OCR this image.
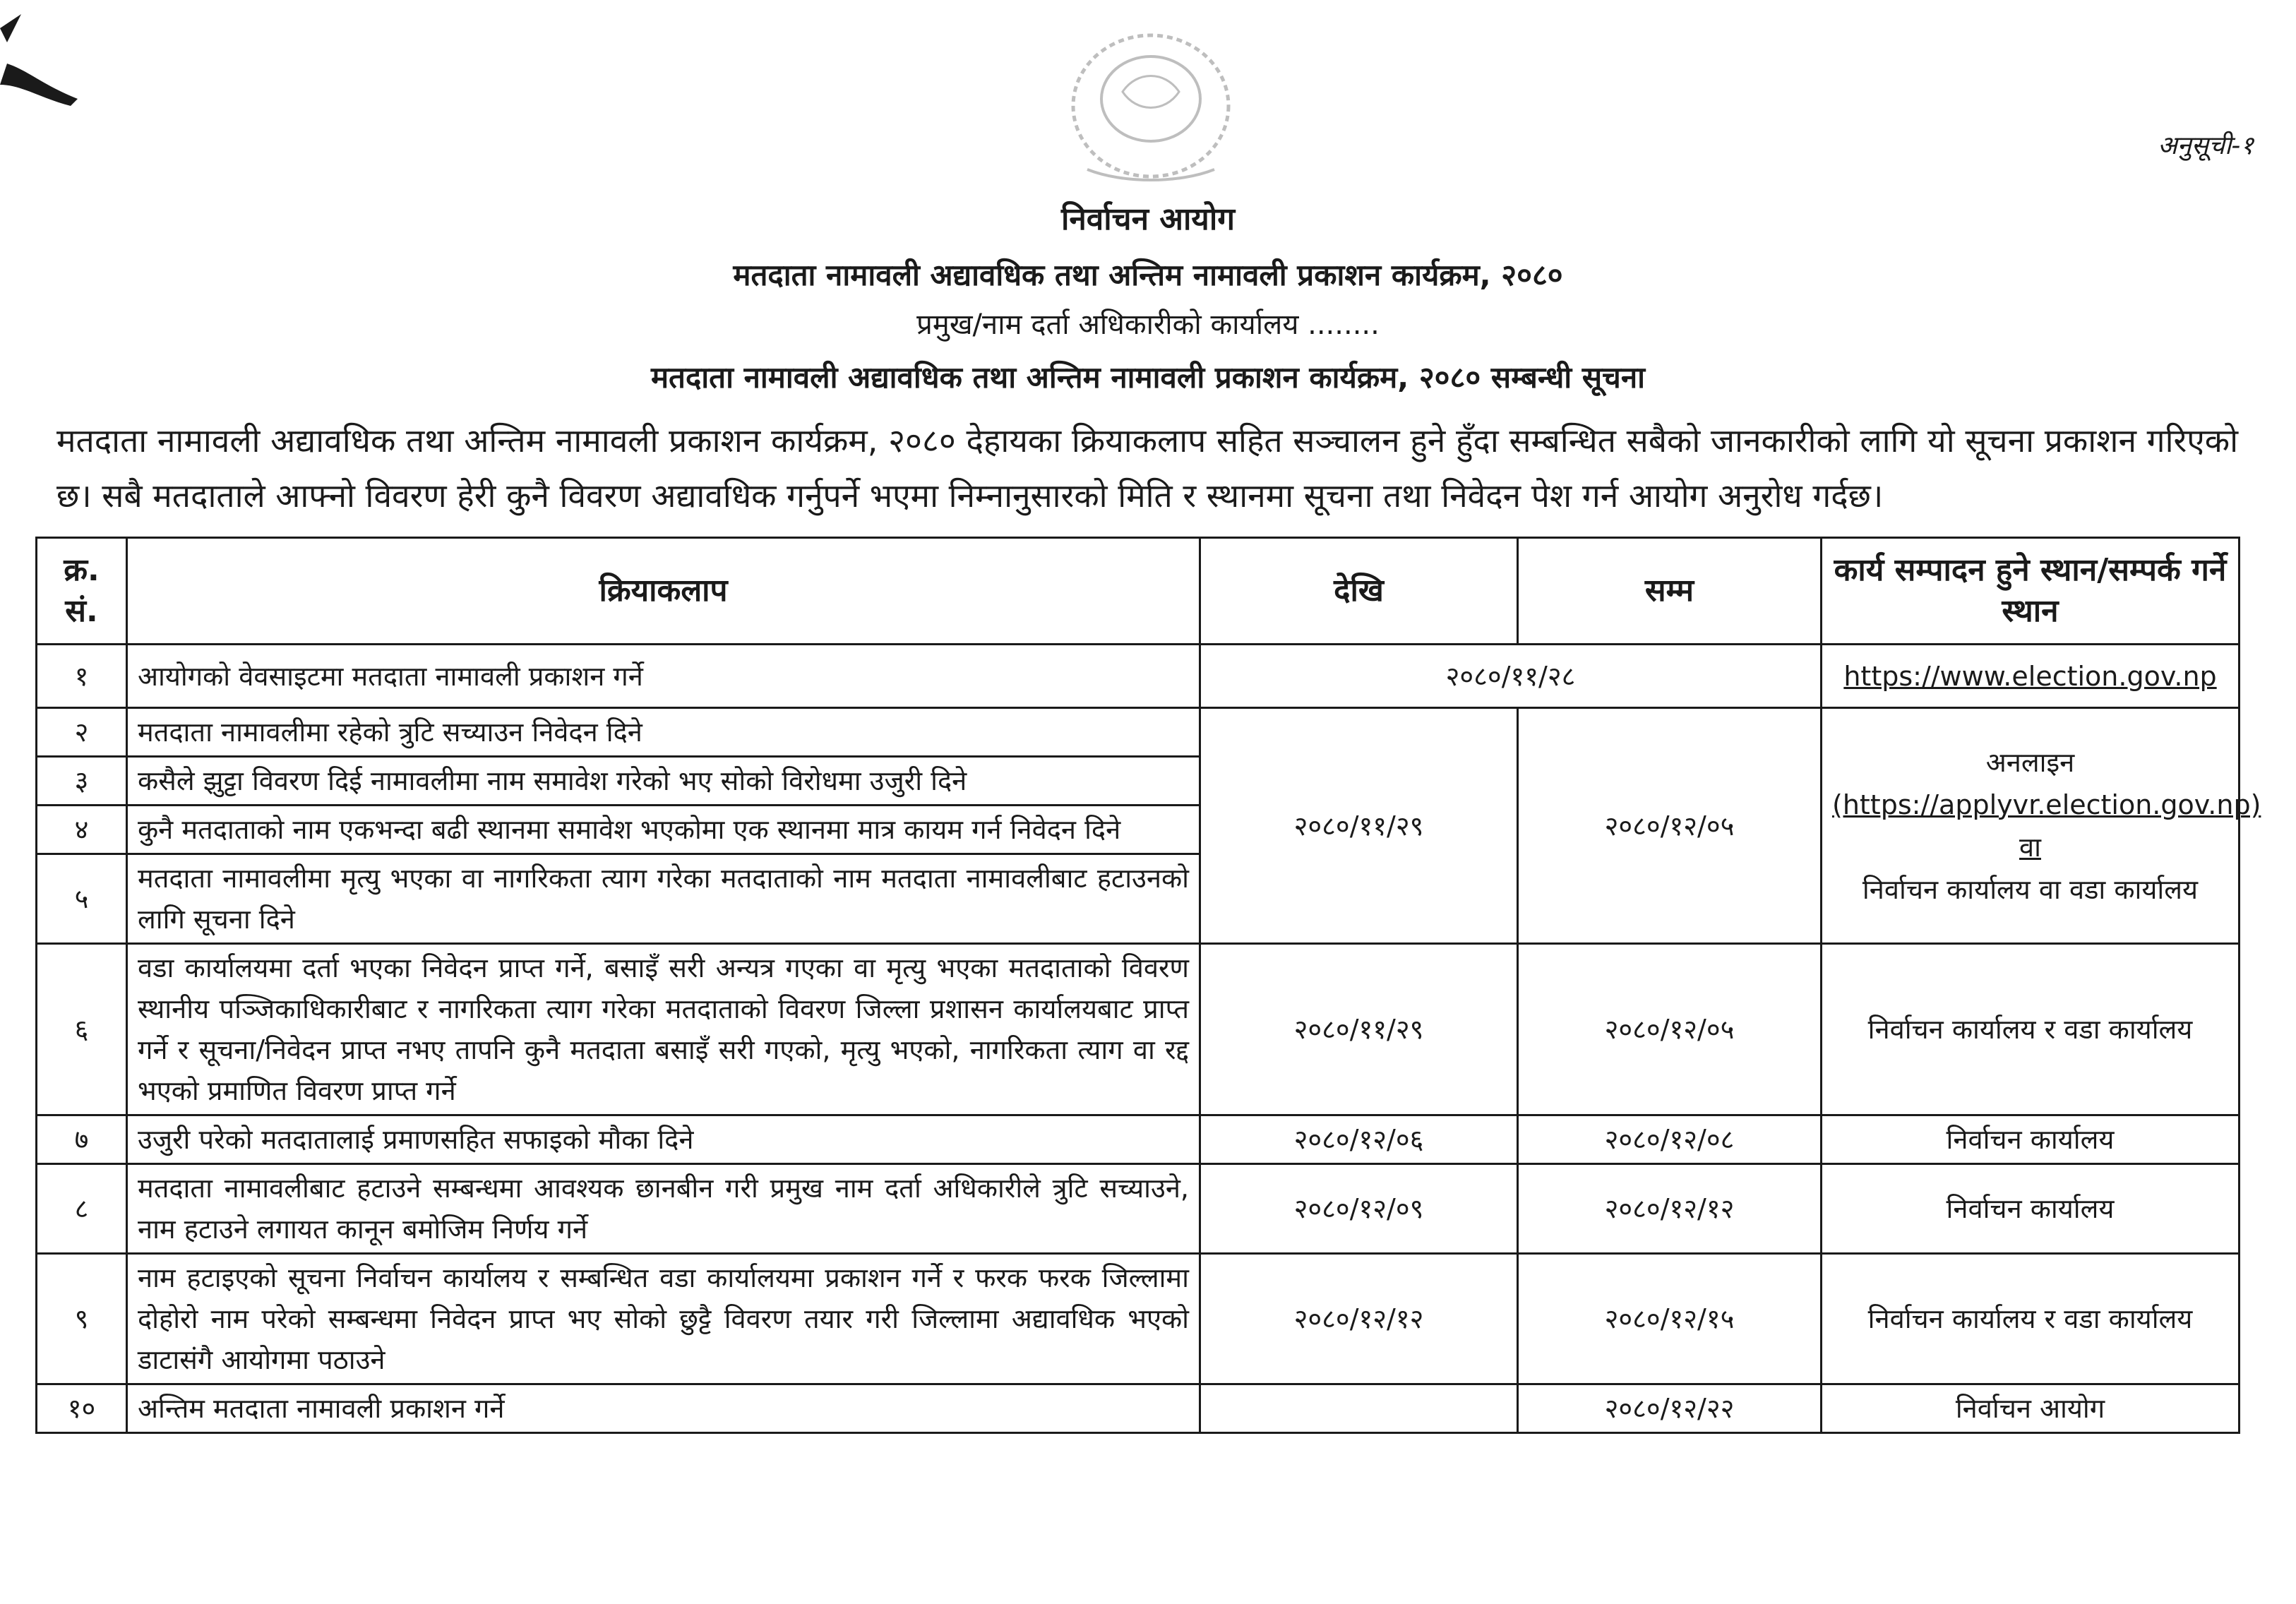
अनुसूची-१
निर्वाचन आयोग
मतदाता नामावली अद्यावधिक तथा अन्तिम नामावली प्रकाशन कार्यक्रम, २०८०
प्रमुख/नाम दर्ता अधिकारीको कार्यालय ........
मतदाता नामावली अद्यावधिक तथा अन्तिम नामावली प्रकाशन कार्यक्रम, २०८० सम्बन्धी सूचना
मतदाता नामावली अद्यावधिक तथा अन्तिम नामावली प्रकाशन कार्यक्रम, २०८० देहायका क्रियाकलाप सहित सञ्चालन हुने हुँदा सम्बन्धित सबैको जानकारीको लागि यो सूचना प्रकाशन गरिएको छ। सबै मतदाताले आफ्नो विवरण हेरी कुनै विवरण अद्यावधिक गर्नुपर्ने भएमा निम्नानुसारको मिति र स्थानमा सूचना तथा निवेदन पेश गर्न आयोग अनुरोध गर्दछ।
क्र. सं.	क्रियाकलाप	देखि	सम्म	कार्य सम्पादन हुने स्थान/सम्पर्क गर्ने स्थान
१	आयोगको वेवसाइटमा मतदाता नामावली प्रकाशन गर्ने	२०८०/११/२८		https://www.election.gov.np
२	मतदाता नामावलीमा रहेको त्रुटि सच्याउन निवेदन दिने	२०८०/११/२९	२०८०/१२/०५	अनलाइन
(https://applyvr.election.gov.np) वा
निर्वाचन कार्यालय वा वडा कार्यालय

३	कसैले झुट्टा विवरण दिई नामावलीमा नाम समावेश गरेको भए सोको विरोधमा उजुरी दिने			
४	कुनै मतदाताको नाम एकभन्दा बढी स्थानमा समावेश भएकोमा एक स्थानमा मात्र कायम गर्न निवेदन दिने			
५	मतदाता नामावलीमा मृत्यु भएका वा नागरिकता त्याग गरेका मतदाताको नाम मतदाता नामावलीबाट हटाउनको लागि सूचना दिने			
६	वडा कार्यालयमा दर्ता भएका निवेदन प्राप्त गर्ने, बसाइँ सरी अन्यत्र गएका वा मृत्यु भएका मतदाताको विवरण स्थानीय पञ्जिकाधिकारीबाट र नागरिकता त्याग गरेका मतदाताको विवरण जिल्ला प्रशासन कार्यालयबाट प्राप्त गर्ने र सूचना/निवेदन प्राप्त नभए तापनि कुनै मतदाता बसाइँ सरी गएको, मृत्यु भएको, नागरिकता त्याग वा रद्द भएको प्रमाणित विवरण प्राप्त गर्ने	२०८०/११/२९	२०८०/१२/०५	निर्वाचन कार्यालय र वडा कार्यालय
७	उजुरी परेको मतदातालाई प्रमाणसहित सफाइको मौका दिने	२०८०/१२/०६	२०८०/१२/०८	निर्वाचन कार्यालय
८	मतदाता नामावलीबाट हटाउने सम्बन्धमा आवश्यक छानबीन गरी प्रमुख नाम दर्ता अधिकारीले त्रुटि सच्याउने, नाम हटाउने लगायत कानून बमोजिम निर्णय गर्ने	२०८०/१२/०९	२०८०/१२/१२	निर्वाचन कार्यालय
९	नाम हटाइएको सूचना निर्वाचन कार्यालय र सम्बन्धित वडा कार्यालयमा प्रकाशन गर्ने र फरक फरक जिल्लामा दोहोरो नाम परेको सम्बन्धमा निवेदन प्राप्त भए सोको छुट्टै विवरण तयार गरी जिल्लामा अद्यावधिक भएको डाटासंगै आयोगमा पठाउने	२०८०/१२/१२	२०८०/१२/१५	निर्वाचन कार्यालय र वडा कार्यालय
१०	अन्तिम मतदाता नामावली प्रकाशन गर्ने		२०८०/१२/२२	निर्वाचन आयोग
